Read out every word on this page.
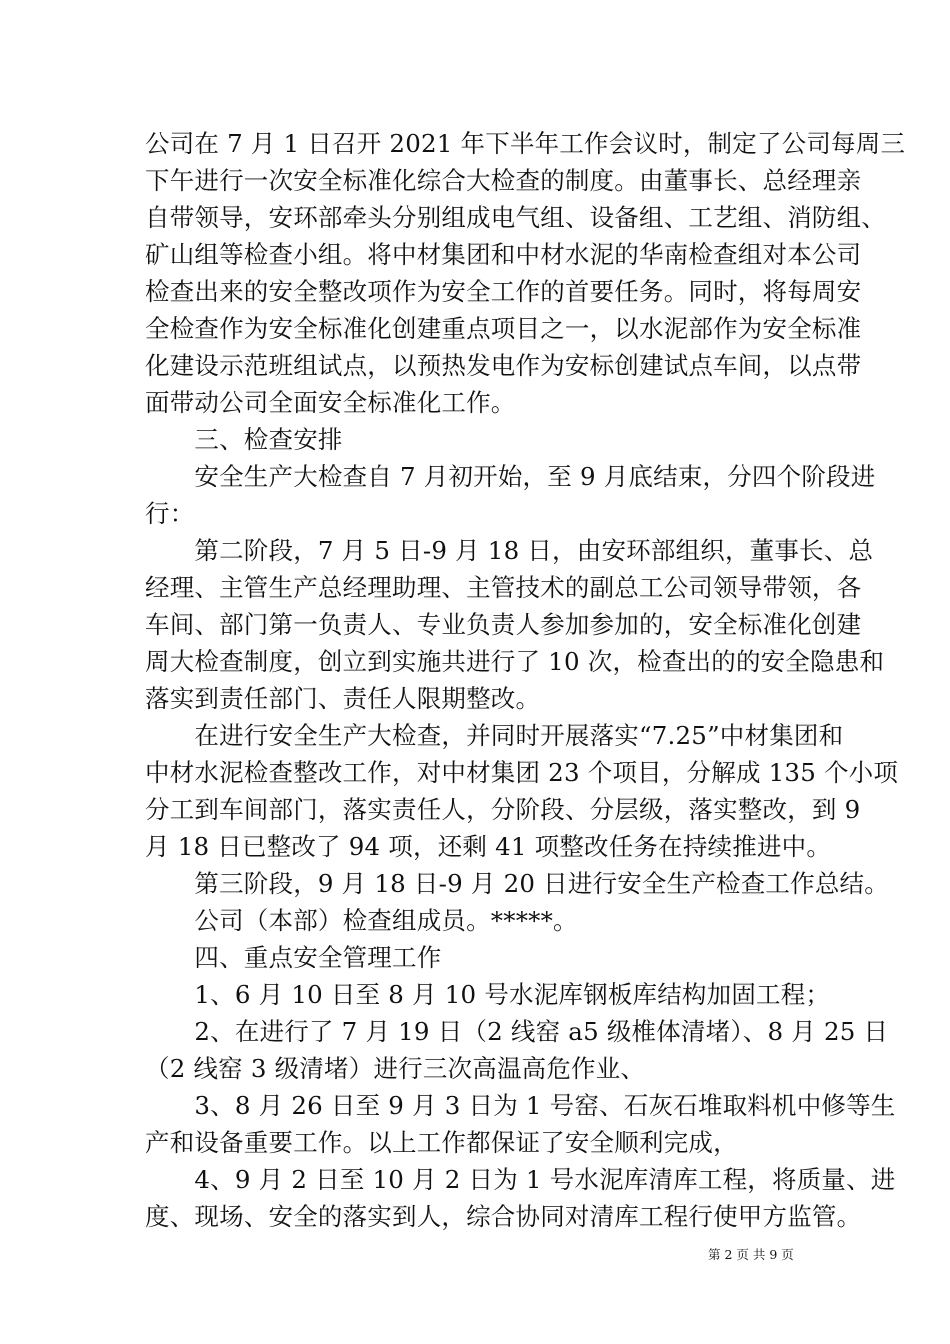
公司在 7 月 1 日召开 2021 年下半年工作会议时，制定了公司每周三
下午进行一次安全标准化综合大检查的制度。由董事长、总经理亲
自带领导，安环部牵头分别组成电气组、设备组、工艺组、消防组、
矿山组等检查小组。将中材集团和中材水泥的华南检查组对本公司
检查出来的安全整改项作为安全工作的首要任务。同时，将每周安
全检查作为安全标准化创建重点项目之一，以水泥部作为安全标准
化建设示范班组试点，以预热发电作为安标创建试点车间，以点带
面带动公司全面安全标准化工作。
　　三、检查安排
　　安全生产大检查自 7 月初开始，至 9 月底结束，分四个阶段进
行：
　　第二阶段，7 月 5 日-9 月 18 日，由安环部组织，董事长、总
经理、主管生产总经理助理、主管技术的副总工公司领导带领，各
车间、部门第一负责人、专业负责人参加参加的，安全标准化创建
周大检查制度，创立到实施共进行了 10 次，检查出的的安全隐患和
落实到责任部门、责任人限期整改。
　　在进行安全生产大检查，并同时开展落实“7.25”中材集团和
中材水泥检查整改工作，对中材集团 23 个项目，分解成 135 个小项
分工到车间部门，落实责任人，分阶段、分层级，落实整改，到 9
月 18 日已整改了 94 项，还剩 41 项整改任务在持续推进中。
　　第三阶段，9 月 18 日-9 月 20 日进行安全生产检查工作总结。
　　公司（本部）检查组成员。*****。
　　四、重点安全管理工作
　　1、6 月 10 日至 8 月 10 号水泥库钢板库结构加固工程；
　　2、在进行了 7 月 19 日（2 线窑 a5 级椎体清堵）、8 月 25 日
（2 线窑 3 级清堵）进行三次高温高危作业、
　　3、8 月 26 日至 9 月 3 日为 1 号窑、石灰石堆取料机中修等生
产和设备重要工作。以上工作都保证了安全顺利完成，
　　4、9 月 2 日至 10 月 2 日为 1 号水泥库清库工程，将质量、进
度、现场、安全的落实到人，综合协同对清库工程行使甲方监管。
第 2 页 共 9 页
